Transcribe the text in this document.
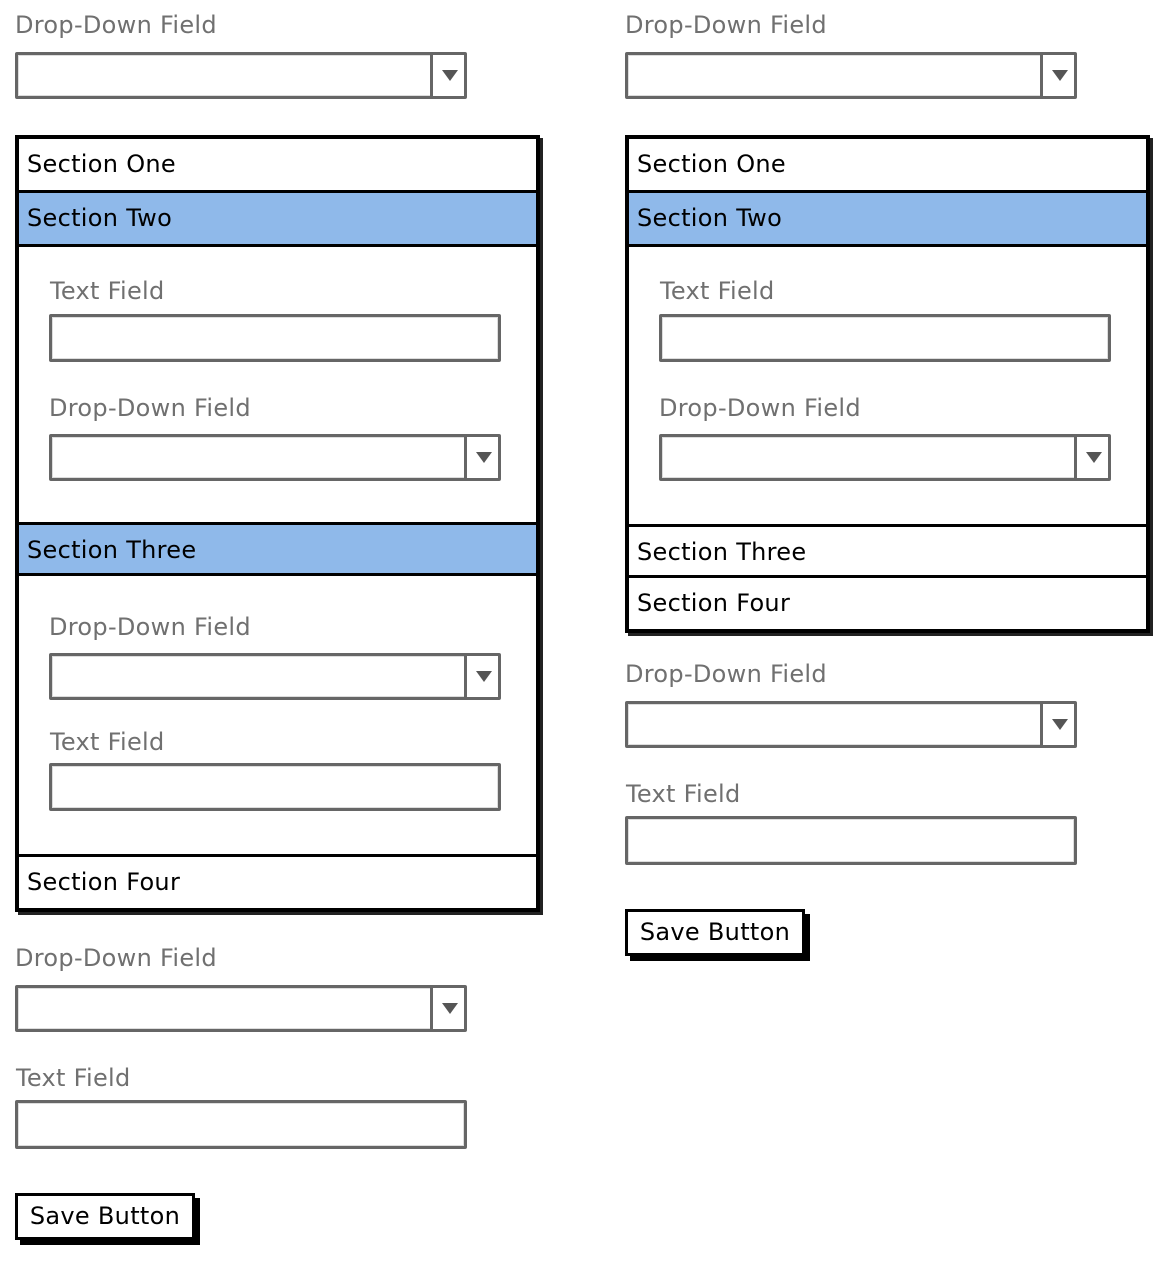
Drop-Down Field
Section One
Section Two
Text Field
Drop-Down Field
Section Three
Drop-Down Field
Text Field
Section Four
Drop-Down Field
Text Field
Save Button
Drop-Down Field
Section One
Section Two
Text Field
Drop-Down Field
Section Three
Section Four
Drop-Down Field
Text Field
Save Button
